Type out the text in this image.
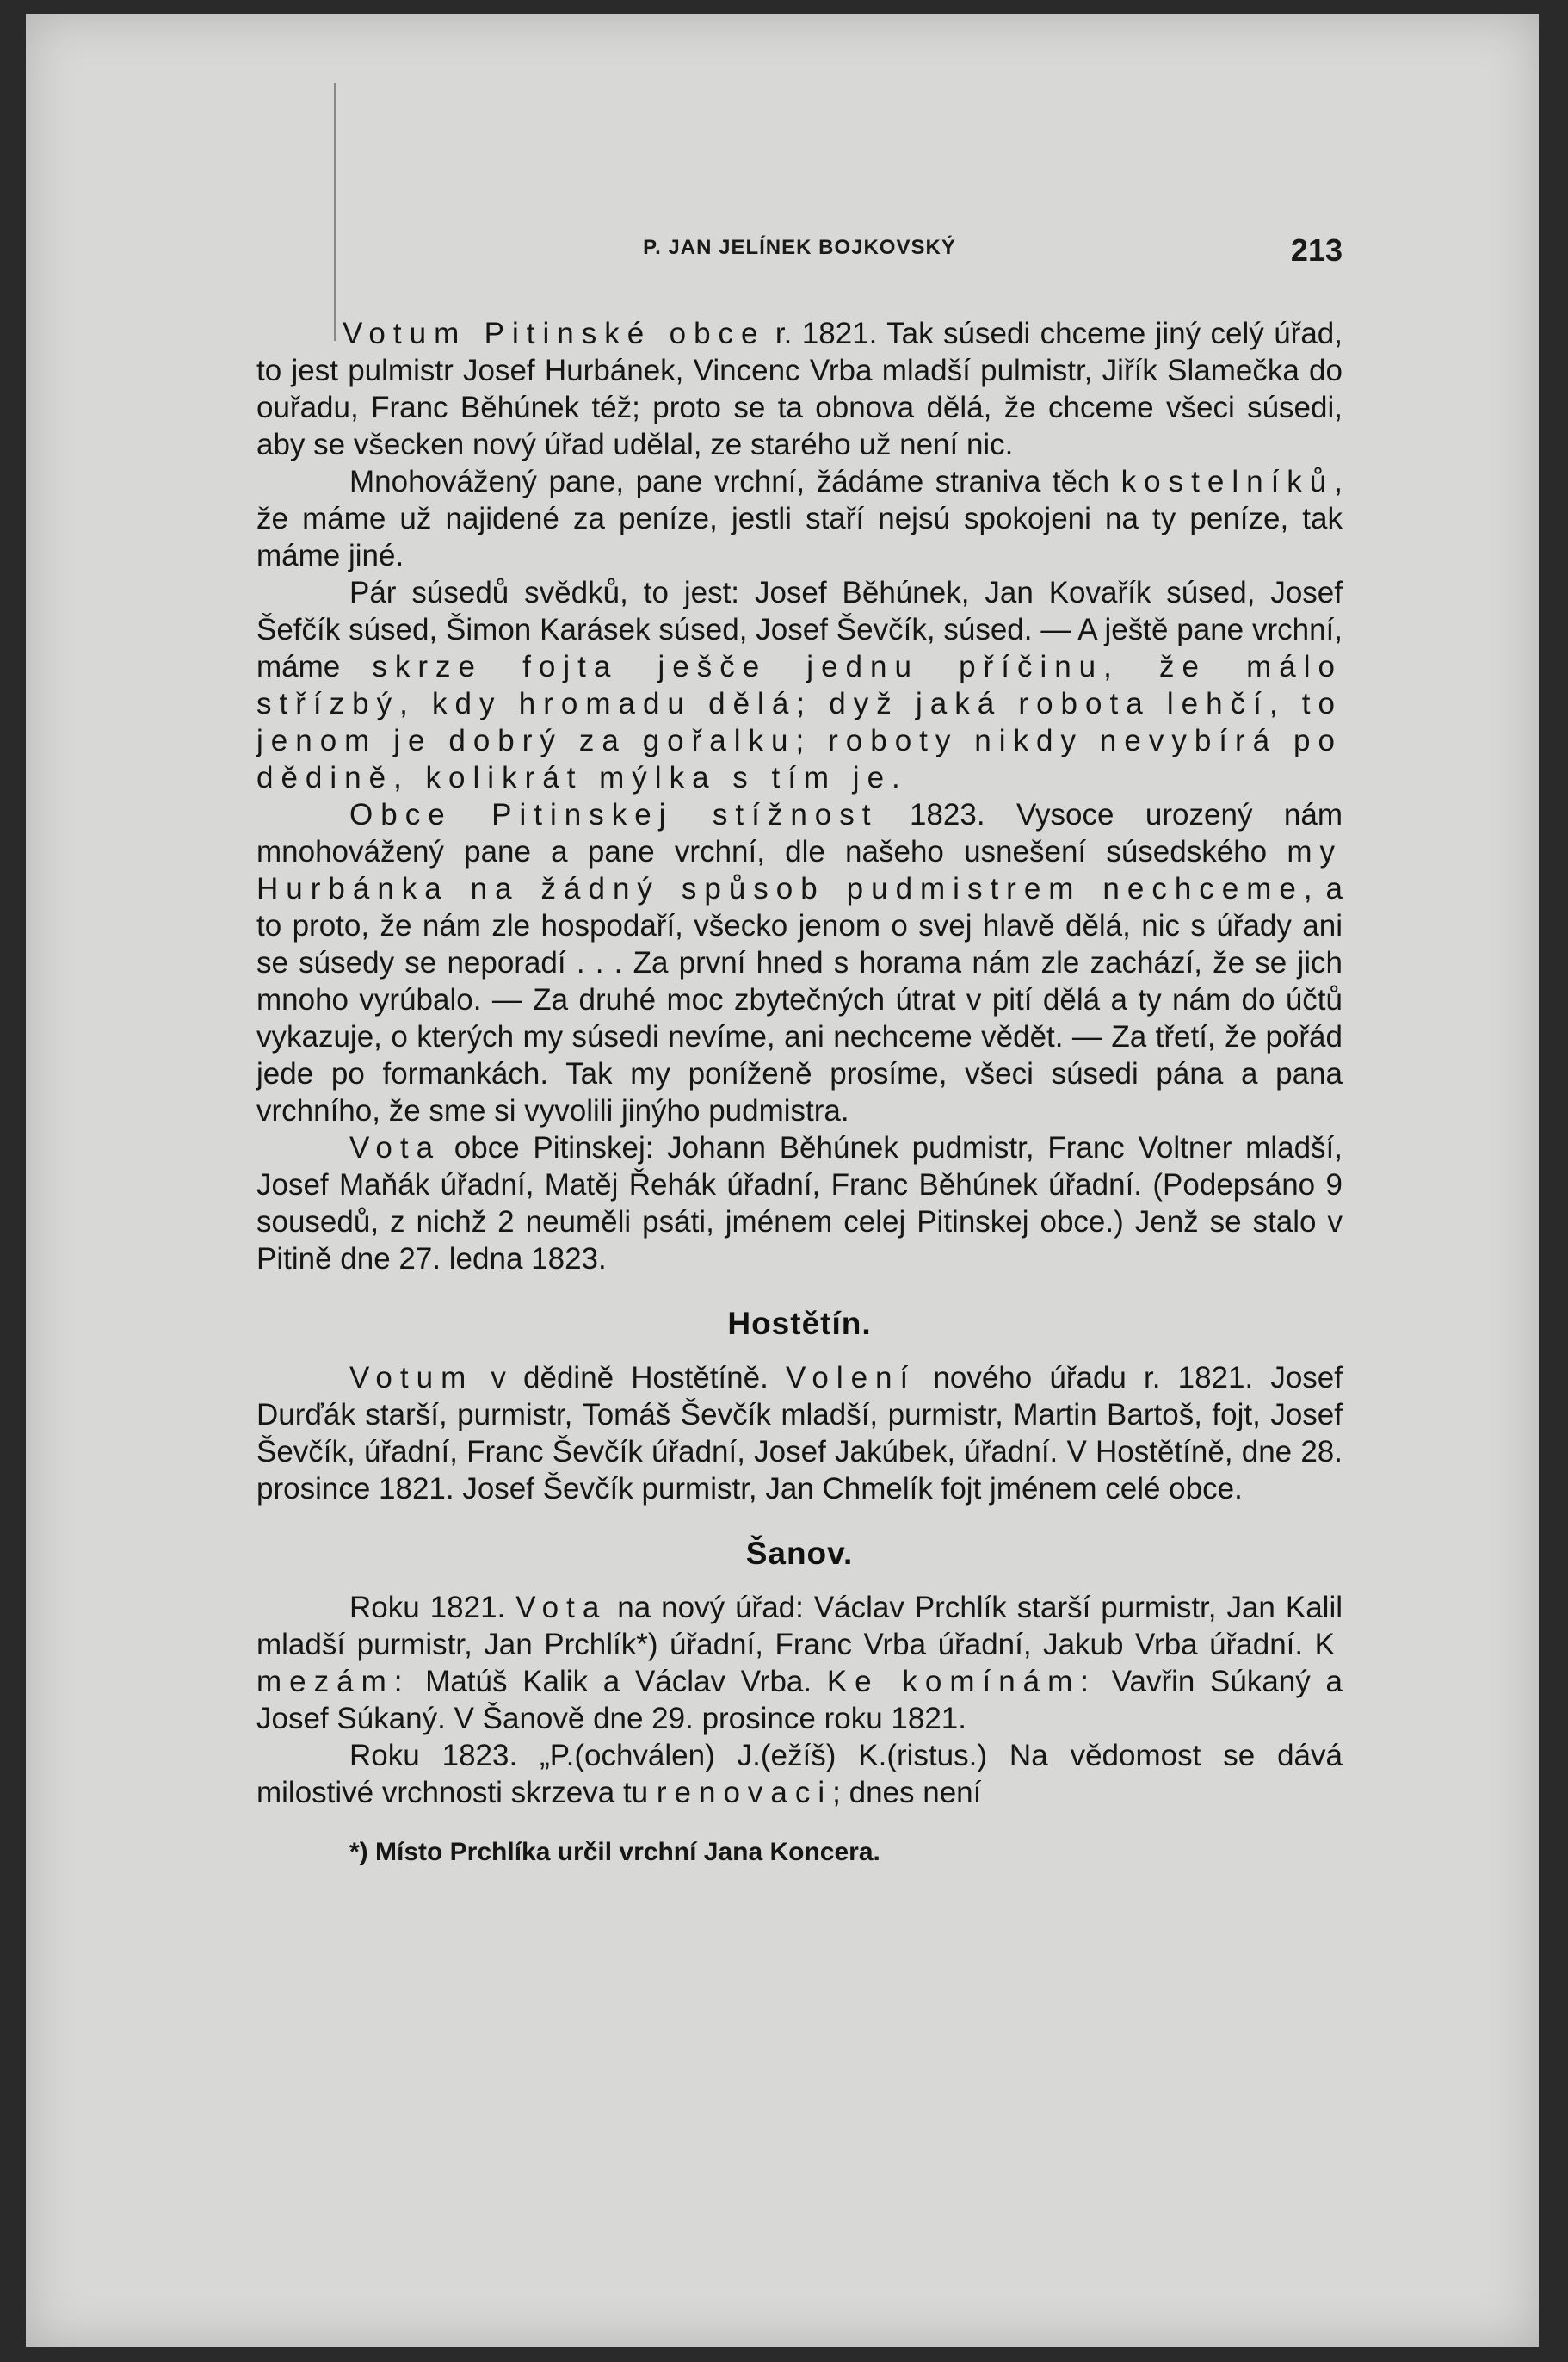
P. JAN JELÍNEK BOJKOVSKÝ	213

Votum Pitinské obce r. 1821. Tak súsedi chceme jiný celý úřad, to jest pulmistr Josef Hurbánek, Vincenc Vrba mladší pulmistr, Jiřík Slamečka do ouřadu, Franc Běhúnek též; proto se ta obnova dělá, že chceme všeci súsedi, aby se všecken nový úřad udělal, ze starého už není nic.

Mnohovážený pane, pane vrchní, žádáme straniva těch kostelníků, že máme už najidené za peníze, jestli staří nejsú spokojeni na ty peníze, tak máme jiné.

Pár súsedů svědků, to jest: Josef Běhúnek, Jan Kovařík súsed, Josef Šefčík súsed, Šimon Karásek súsed, Josef Ševčík, súsed. — A ještě pane vrchní, máme skrze fojta ješče jednu příčinu, že málo střízbý, kdy hromadu dělá; dyž jaká robota lehčí, to jenom je dobrý za gořalku; roboty nikdy nevybírá po dědině, kolikrát mýlka s tím je.

Obce Pitinskej stížnost 1823. Vysoce urozený nám mnohovážený pane a pane vrchní, dle našeho usnešení súsedského my Hurbánka na žádný spůsob pudmistrem nechceme, a to proto, že nám zle hospodaří, všecko jenom o svej hlavě dělá, nic s úřady ani se súsedy se neporadí . . . Za první hned s horama nám zle zachází, že se jich mnoho vyrúbalo. — Za druhé moc zbytečných útrat v pití dělá a ty nám do účtů vykazuje, o kterých my súsedi nevíme, ani nechceme vědět. — Za třetí, že pořád jede po formankách. Tak my poníženě prosíme, všeci súsedi pána a pana vrchního, že sme si vyvolili jinýho pudmistra.

Vota obce Pitinskej: Johann Běhúnek pudmistr, Franc Voltner mladší, Josef Maňák úřadní, Matěj Řehák úřadní, Franc Běhúnek úřadní. (Podepsáno 9 sousedů, z nichž 2 neuměli psáti, jménem celej Pitinskej obce.) Jenž se stalo v Pitině dne 27. ledna 1823.

Hostětín.

Votum v dědině Hostětíně. Volení nového úřadu r. 1821. Josef Durďák starší, purmistr, Tomáš Ševčík mladší, purmistr, Martin Bartoš, fojt, Josef Ševčík, úřadní, Franc Ševčík úřadní, Josef Jakúbek, úřadní. V Hostětíně, dne 28. prosince 1821. Josef Ševčík purmistr, Jan Chmelík fojt jménem celé obce.

Šanov.

Roku 1821. Vota na nový úřad: Václav Prchlík starší purmistr, Jan Kalil mladší purmistr, Jan Prchlík*) úřadní, Franc Vrba úřadní, Jakub Vrba úřadní. K mezám: Matúš Kalik a Václav Vrba. Ke komínám: Vavřin Súkaný a Josef Súkaný. V Šanově dne 29. prosince roku 1821.

Roku 1823. „P.(ochválen) J.(ežíš) K.(ristus.) Na vědomost se dává milostivé vrchnosti skrzeva tu renovaci; dnes není

*) Místo Prchlíka určil vrchní Jana Koncera.
